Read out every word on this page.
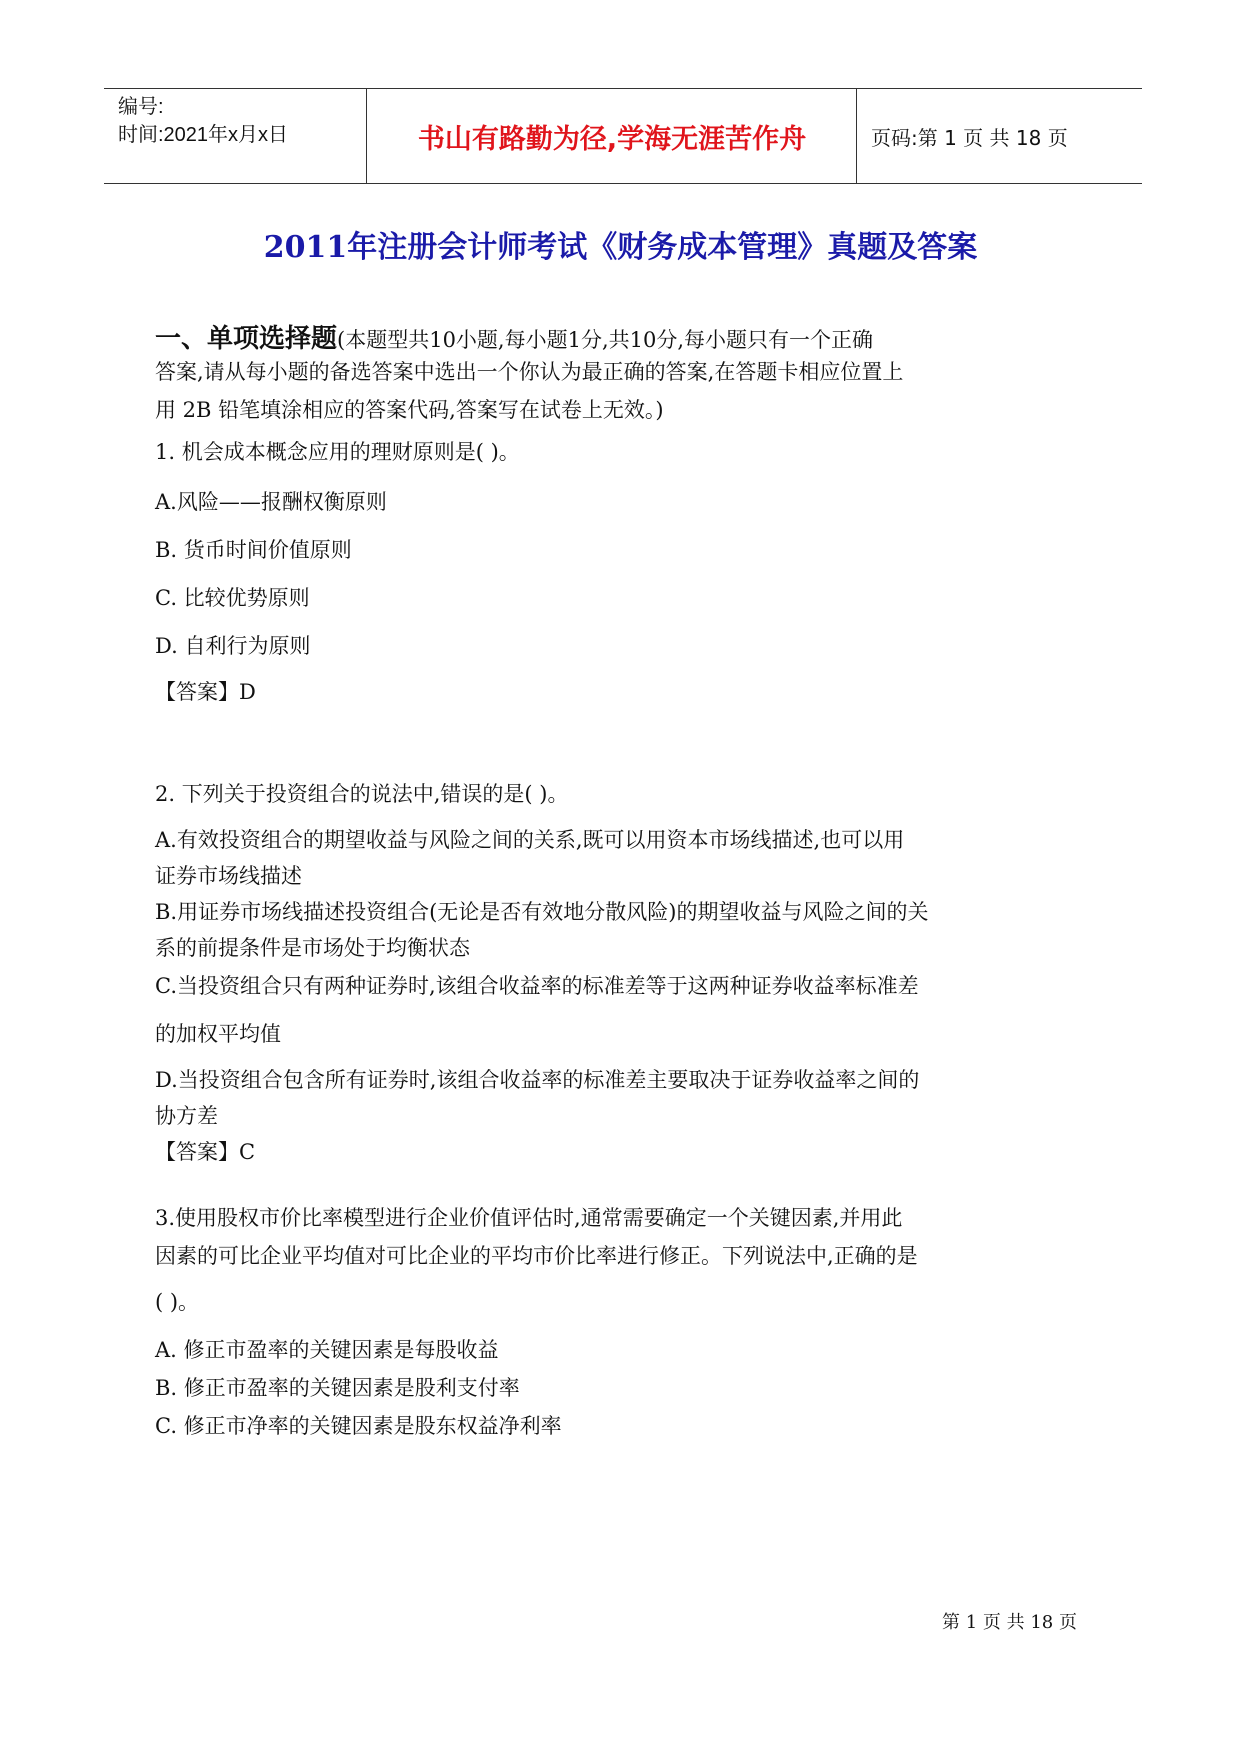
编号:
时间:2021年x月x日	书山有路勤为径,学海无涯苦作舟	页码:第 1 页 共 18 页
2011年注册会计师考试《财务成本管理》真题及答案
一、单项选择题(本题型共10小题,每小题1分,共10分,每小题只有一个正确
答案,请从每小题的备选答案中选出一个你认为最正确的答案,在答题卡相应位置上
用 2B 铅笔填涂相应的答案代码,答案写在试卷上无效。)
1. 机会成本概念应用的理财原则是( )。
A.风险——报酬权衡原则
B. 货币时间价值原则
C. 比较优势原则
D. 自利行为原则
【答案】D
2. 下列关于投资组合的说法中,错误的是( )。
A.有效投资组合的期望收益与风险之间的关系,既可以用资本市场线描述,也可以用
证券市场线描述
B.用证券市场线描述投资组合(无论是否有效地分散风险)的期望收益与风险之间的关
系的前提条件是市场处于均衡状态
C.当投资组合只有两种证券时,该组合收益率的标准差等于这两种证券收益率标准差
的加权平均值
D.当投资组合包含所有证券时,该组合收益率的标准差主要取决于证券收益率之间的
协方差
【答案】C
3.使用股权市价比率模型进行企业价值评估时,通常需要确定一个关键因素,并用此
因素的可比企业平均值对可比企业的平均市价比率进行修正。下列说法中,正确的是
( )。
A. 修正市盈率的关键因素是每股收益
B. 修正市盈率的关键因素是股利支付率
C. 修正市净率的关键因素是股东权益净利率
第 1 页 共 18 页
